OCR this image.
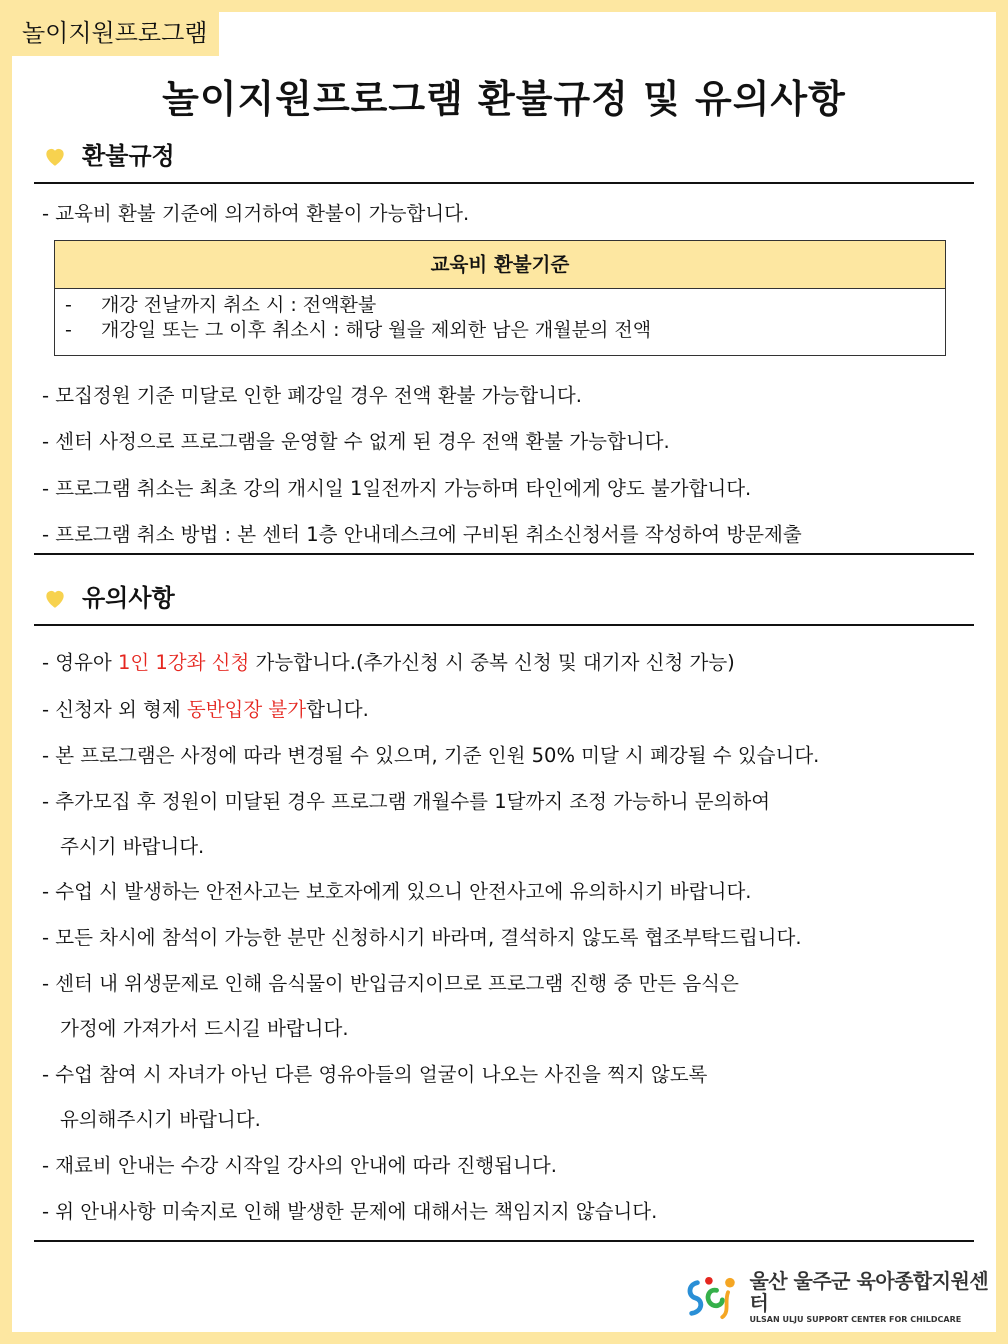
놀이지원프로그램
놀이지원프로그램 환불규정 및 유의사항
환불규정
- 교육비 환불 기준에 의거하여 환불이 가능합니다.
교육비 환불기준
- 개강 전날까지 취소 시 : 전액환불
- 개강일 또는 그 이후 취소시 : 해당 월을 제외한 남은 개월분의 전액
- 모집정원 기준 미달로 인한 폐강일 경우 전액 환불 가능합니다.
- 센터 사정으로 프로그램을 운영할 수 없게 된 경우 전액 환불 가능합니다.
- 프로그램 취소는 최초 강의 개시일 1일전까지 가능하며 타인에게 양도 불가합니다.
- 프로그램 취소 방법 : 본 센터 1층 안내데스크에 구비된 취소신청서를 작성하여 방문제출
유의사항
- 영유아 1인 1강좌 신청 가능합니다.(추가신청 시 중복 신청 및 대기자 신청 가능)
- 신청자 외 형제 동반입장 불가합니다.
- 본 프로그램은 사정에 따라 변경될 수 있으며, 기준 인원 50% 미달 시 폐강될 수 있습니다.
- 추가모집 후 정원이 미달된 경우 프로그램 개월수를 1달까지 조정 가능하니 문의하여
주시기 바랍니다.
- 수업 시 발생하는 안전사고는 보호자에게 있으니 안전사고에 유의하시기 바랍니다.
- 모든 차시에 참석이 가능한 분만 신청하시기 바라며, 결석하지 않도록 협조부탁드립니다.
- 센터 내 위생문제로 인해 음식물이 반입금지이므로 프로그램 진행 중 만든 음식은
가정에 가져가서 드시길 바랍니다.
- 수업 참여 시 자녀가 아닌 다른 영유아들의 얼굴이 나오는 사진을 찍지 않도록
유의해주시기 바랍니다.
- 재료비 안내는 수강 시작일 강사의 안내에 따라 진행됩니다.
- 위 안내사항 미숙지로 인해 발생한 문제에 대해서는 책임지지 않습니다.
울산 울주군 육아종합지원센터
ULSAN ULJU SUPPORT CENTER FOR CHILDCARE
